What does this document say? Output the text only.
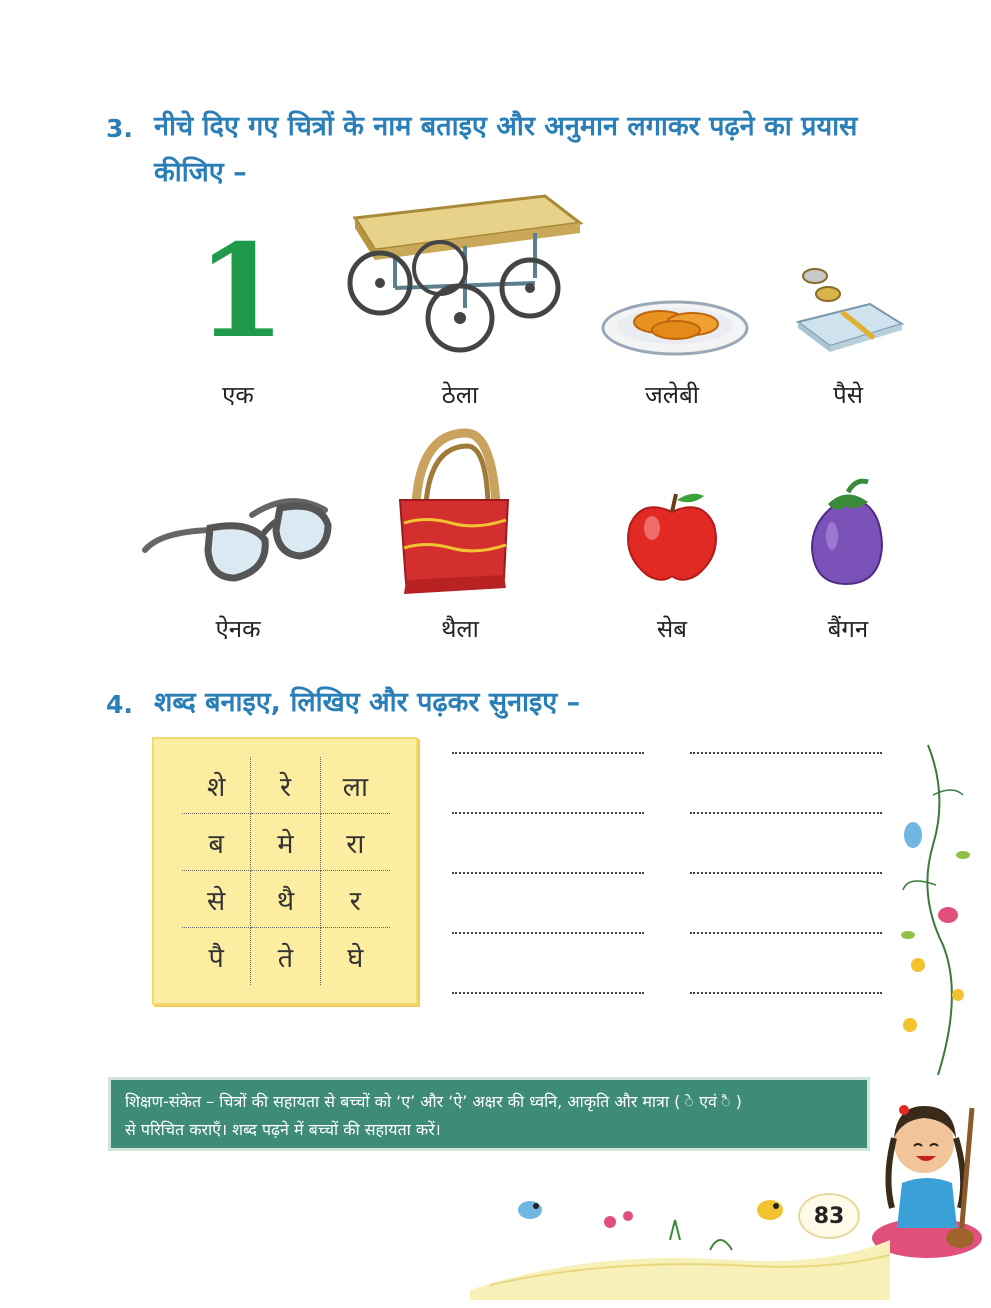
3. नीचे दिए गए चित्रों के नाम बताइए और अनुमान लगाकर पढ़ने का प्रयास
कीजिए –
1
एक	ठेला	जलेबी	पैसे
ऐनक	थैला	सेब	बैंगन
4. शब्द बनाइए, लिखिए और पढ़कर सुनाइए –
शे	रे	ला
ब	मे	रा
से	थै	र
पै	ते	घे
शिक्षण-संकेत – चित्रों की सहायता से बच्चों को ‘ए’ और ‘ऐ’ अक्षर की ध्वनि, आकृति और मात्रा ( े एवं ै )
से परिचित कराएँ। शब्द पढ़ने में बच्चों की सहायता करें।
83
